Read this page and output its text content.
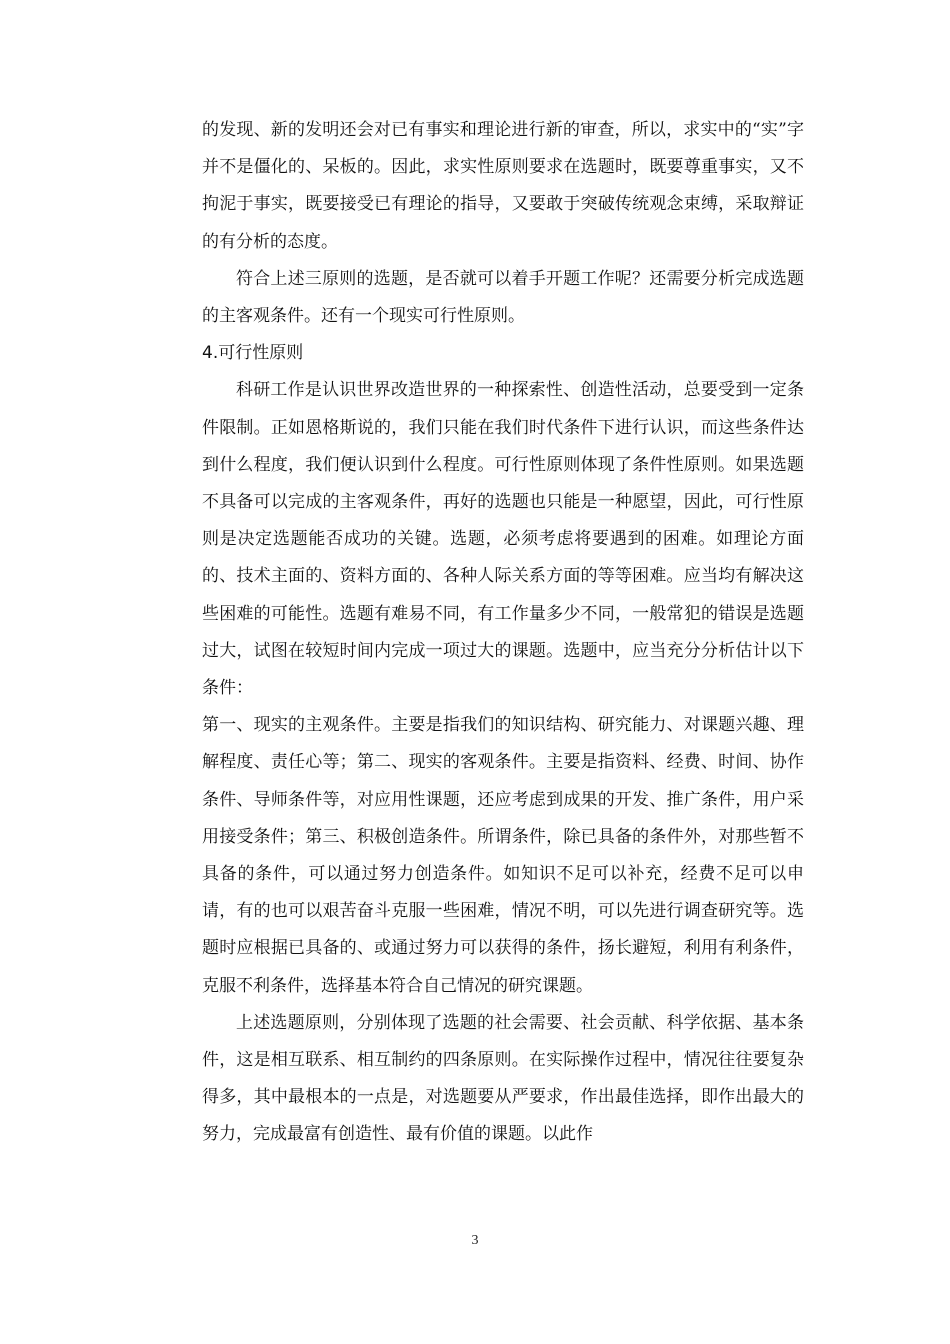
的发现、新的发明还会对已有事实和理论进行新的审查，所以，求实中的“实”字并不是僵化的、呆板的。因此，求实性原则要求在选题时，既要尊重事实，又不拘泥于事实，既要接受已有理论的指导，又要敢于突破传统观念束缚，采取辩证的有分析的态度。

符合上述三原则的选题，是否就可以着手开题工作呢？还需要分析完成选题的主客观条件。还有一个现实可行性原则。

4.可行性原则

科研工作是认识世界改造世界的一种探索性、创造性活动，总要受到一定条件限制。正如恩格斯说的，我们只能在我们时代条件下进行认识，而这些条件达到什么程度，我们便认识到什么程度。可行性原则体现了条件性原则。如果选题不具备可以完成的主客观条件，再好的选题也只能是一种愿望，因此，可行性原则是决定选题能否成功的关键。选题，必须考虑将要遇到的困难。如理论方面的、技术主面的、资料方面的、各种人际关系方面的等等困难。应当均有解决这些困难的可能性。选题有难易不同，有工作量多少不同，一般常犯的错误是选题过大，试图在较短时间内完成一项过大的课题。选题中，应当充分分析估计以下条件：

第一、现实的主观条件。主要是指我们的知识结构、研究能力、对课题兴趣、理解程度、责任心等；第二、现实的客观条件。主要是指资料、经费、时间、协作条件、导师条件等，对应用性课题，还应考虑到成果的开发、推广条件，用户采用接受条件；第三、积极创造条件。所谓条件，除已具备的条件外，对那些暂不具备的条件，可以通过努力创造条件。如知识不足可以补充，经费不足可以申请，有的也可以艰苦奋斗克服一些困难，情况不明，可以先进行调查研究等。选题时应根据已具备的、或通过努力可以获得的条件，扬长避短，利用有利条件，克服不利条件，选择基本符合自己情况的研究课题。

上述选题原则，分别体现了选题的社会需要、社会贡献、科学依据、基本条件，这是相互联系、相互制约的四条原则。在实际操作过程中，情况往往要复杂得多，其中最根本的一点是，对选题要从严要求，作出最佳选择，即作出最大的努力，完成最富有创造性、最有价值的课题。以此作

3
